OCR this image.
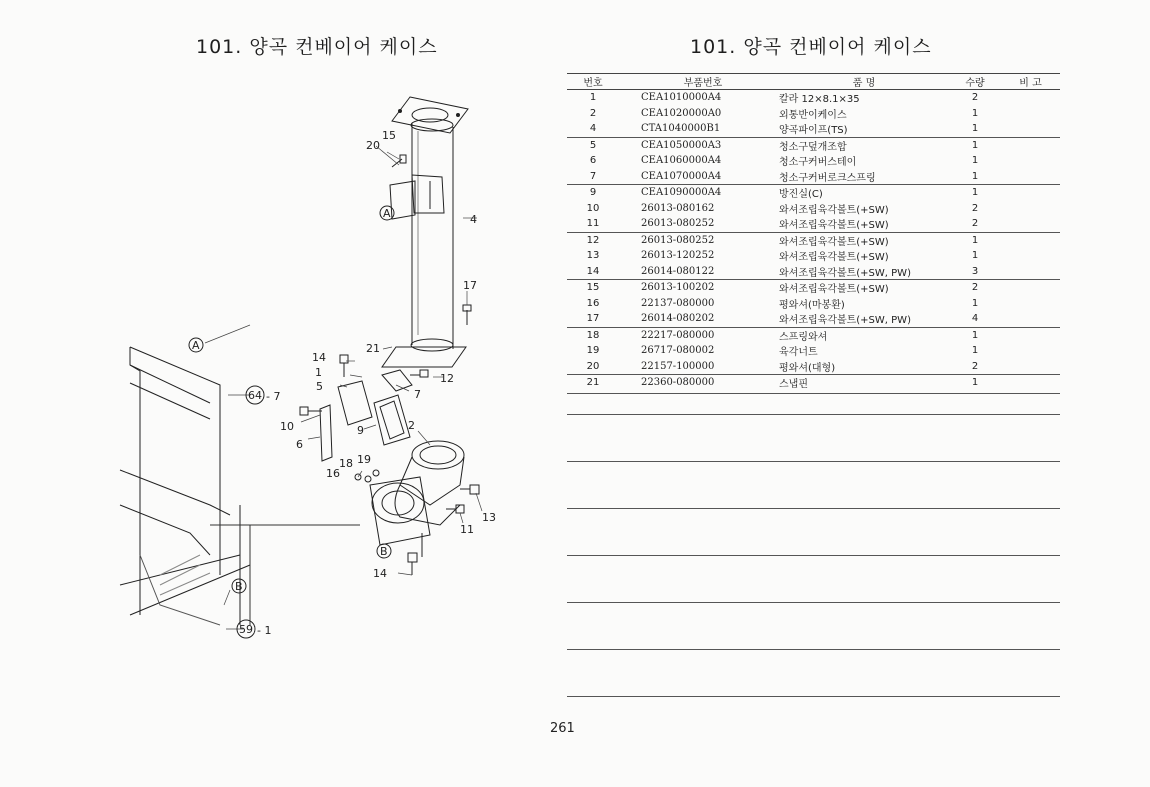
101. 양곡 컨베이어 케이스	101. 양곡 컨베이어 케이스
A
A
B
B
64 - 7
59 - 1
4
15
20
17
21
14
1
5
12
7
9
10
6
2
18 19
16
13
11
14
번호	부품번호	품 명	수량	비 고
1	CEA1010000A4	칼라 12×8.1×35	2	
2	CEA1020000A0	외통반이케이스	1	
4	CTA1040000B1	양곡파이프(TS)	1	
5	CEA1050000A3	청소구덮개조합	1	
6	CEA1060000A4	청소구커버스테이	1	
7	CEA1070000A4	청소구커버로크스프링	1	
9	CEA1090000A4	방진실(C)	1	
10	26013-080162	와셔조립육각볼트(+SW)	2	
11	26013-080252	와셔조립육각볼트(+SW)	2	
12	26013-080252	와셔조립육각볼트(+SW)	1	
13	26013-120252	와셔조립육각볼트(+SW)	1	
14	26014-080122	와셔조립육각볼트(+SW, PW)	3	
15	26013-100202	와셔조립육각볼트(+SW)	2	
16	22137-080000	평와셔(마봉환)	1	
17	26014-080202	와셔조립육각볼트(+SW, PW)	4	
18	22217-080000	스프링와셔	1	
19	26717-080002	육각너트	1	
20	22157-100000	평와셔(대형)	2	
21	22360-080000	스냅핀	1	
261
